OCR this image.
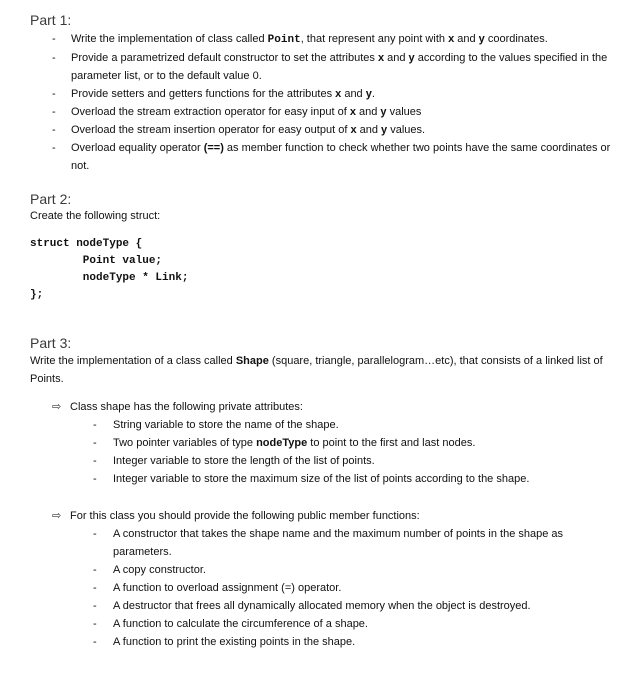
Part 1:
- Write the implementation of class called Point, that represent any point with x and y coordinates.
- Provide a parametrized default constructor to set the attributes x and y according to the values specified in the parameter list, or to the default value 0.
- Provide setters and getters functions for the attributes x and y.
- Overload the stream extraction operator for easy input of x and y values
- Overload the stream insertion operator for easy output of x and y values.
- Overload equality operator (==) as member function to check whether two points have the same coordinates or not.
Part 2:
Create the following struct:
struct nodeType {
Point value;
nodeType * Link;
};
Part 3:
Write the implementation of a class called Shape (square, triangle, parallelogram…etc), that consists of a linked list of Points.
⇨ Class shape has the following private attributes:
- String variable to store the name of the shape.
- Two pointer variables of type nodeType to point to the first and last nodes.
- Integer variable to store the length of the list of points.
- Integer variable to store the maximum size of the list of points according to the shape.
⇨ For this class you should provide the following public member functions:
- A constructor that takes the shape name and the maximum number of points in the shape as parameters.
- A copy constructor.
- A function to overload assignment (=) operator.
- A destructor that frees all dynamically allocated memory when the object is destroyed.
- A function to calculate the circumference of a shape.
- A function to print the existing points in the shape.
